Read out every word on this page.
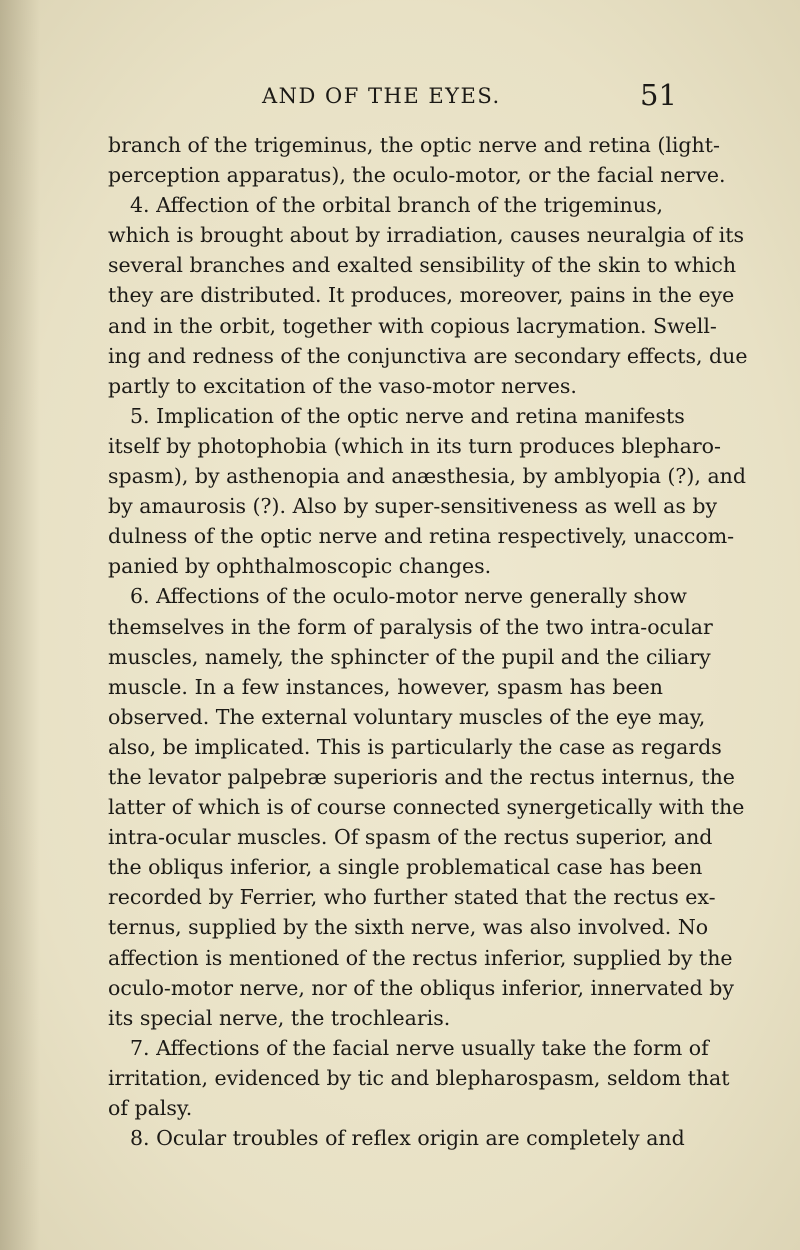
AND OF THE EYES.	51
branch of the trigeminus, the optic nerve and retina (light-
perception apparatus), the oculo-motor, or the facial nerve.
4. Affection of the orbital branch of the trigeminus,
which is brought about by irradiation, causes neuralgia of its
several branches and exalted sensibility of the skin to which
they are distributed. It produces, moreover, pains in the eye
and in the orbit, together with copious lacrymation. Swell-
ing and redness of the conjunctiva are secondary effects, due
partly to excitation of the vaso-motor nerves.
5. Implication of the optic nerve and retina manifests
itself by photophobia (which in its turn produces blepharo-
spasm), by asthenopia and anæsthesia, by amblyopia (?), and
by amaurosis (?). Also by super-sensitiveness as well as by
dulness of the optic nerve and retina respectively, unaccom-
panied by ophthalmoscopic changes.
6. Affections of the oculo-motor nerve generally show
themselves in the form of paralysis of the two intra-ocular
muscles, namely, the sphincter of the pupil and the ciliary
muscle. In a few instances, however, spasm has been
observed. The external voluntary muscles of the eye may,
also, be implicated. This is particularly the case as regards
the levator palpebræ superioris and the rectus internus, the
latter of which is of course connected synergetically with the
intra-ocular muscles. Of spasm of the rectus superior, and
the obliqus inferior, a single problematical case has been
recorded by Ferrier, who further stated that the rectus ex-
ternus, supplied by the sixth nerve, was also involved. No
affection is mentioned of the rectus inferior, supplied by the
oculo-motor nerve, nor of the obliqus inferior, innervated by
its special nerve, the trochlearis.
7. Affections of the facial nerve usually take the form of
irritation, evidenced by tic and blepharospasm, seldom that
of palsy.
8. Ocular troubles of reflex origin are completely and
